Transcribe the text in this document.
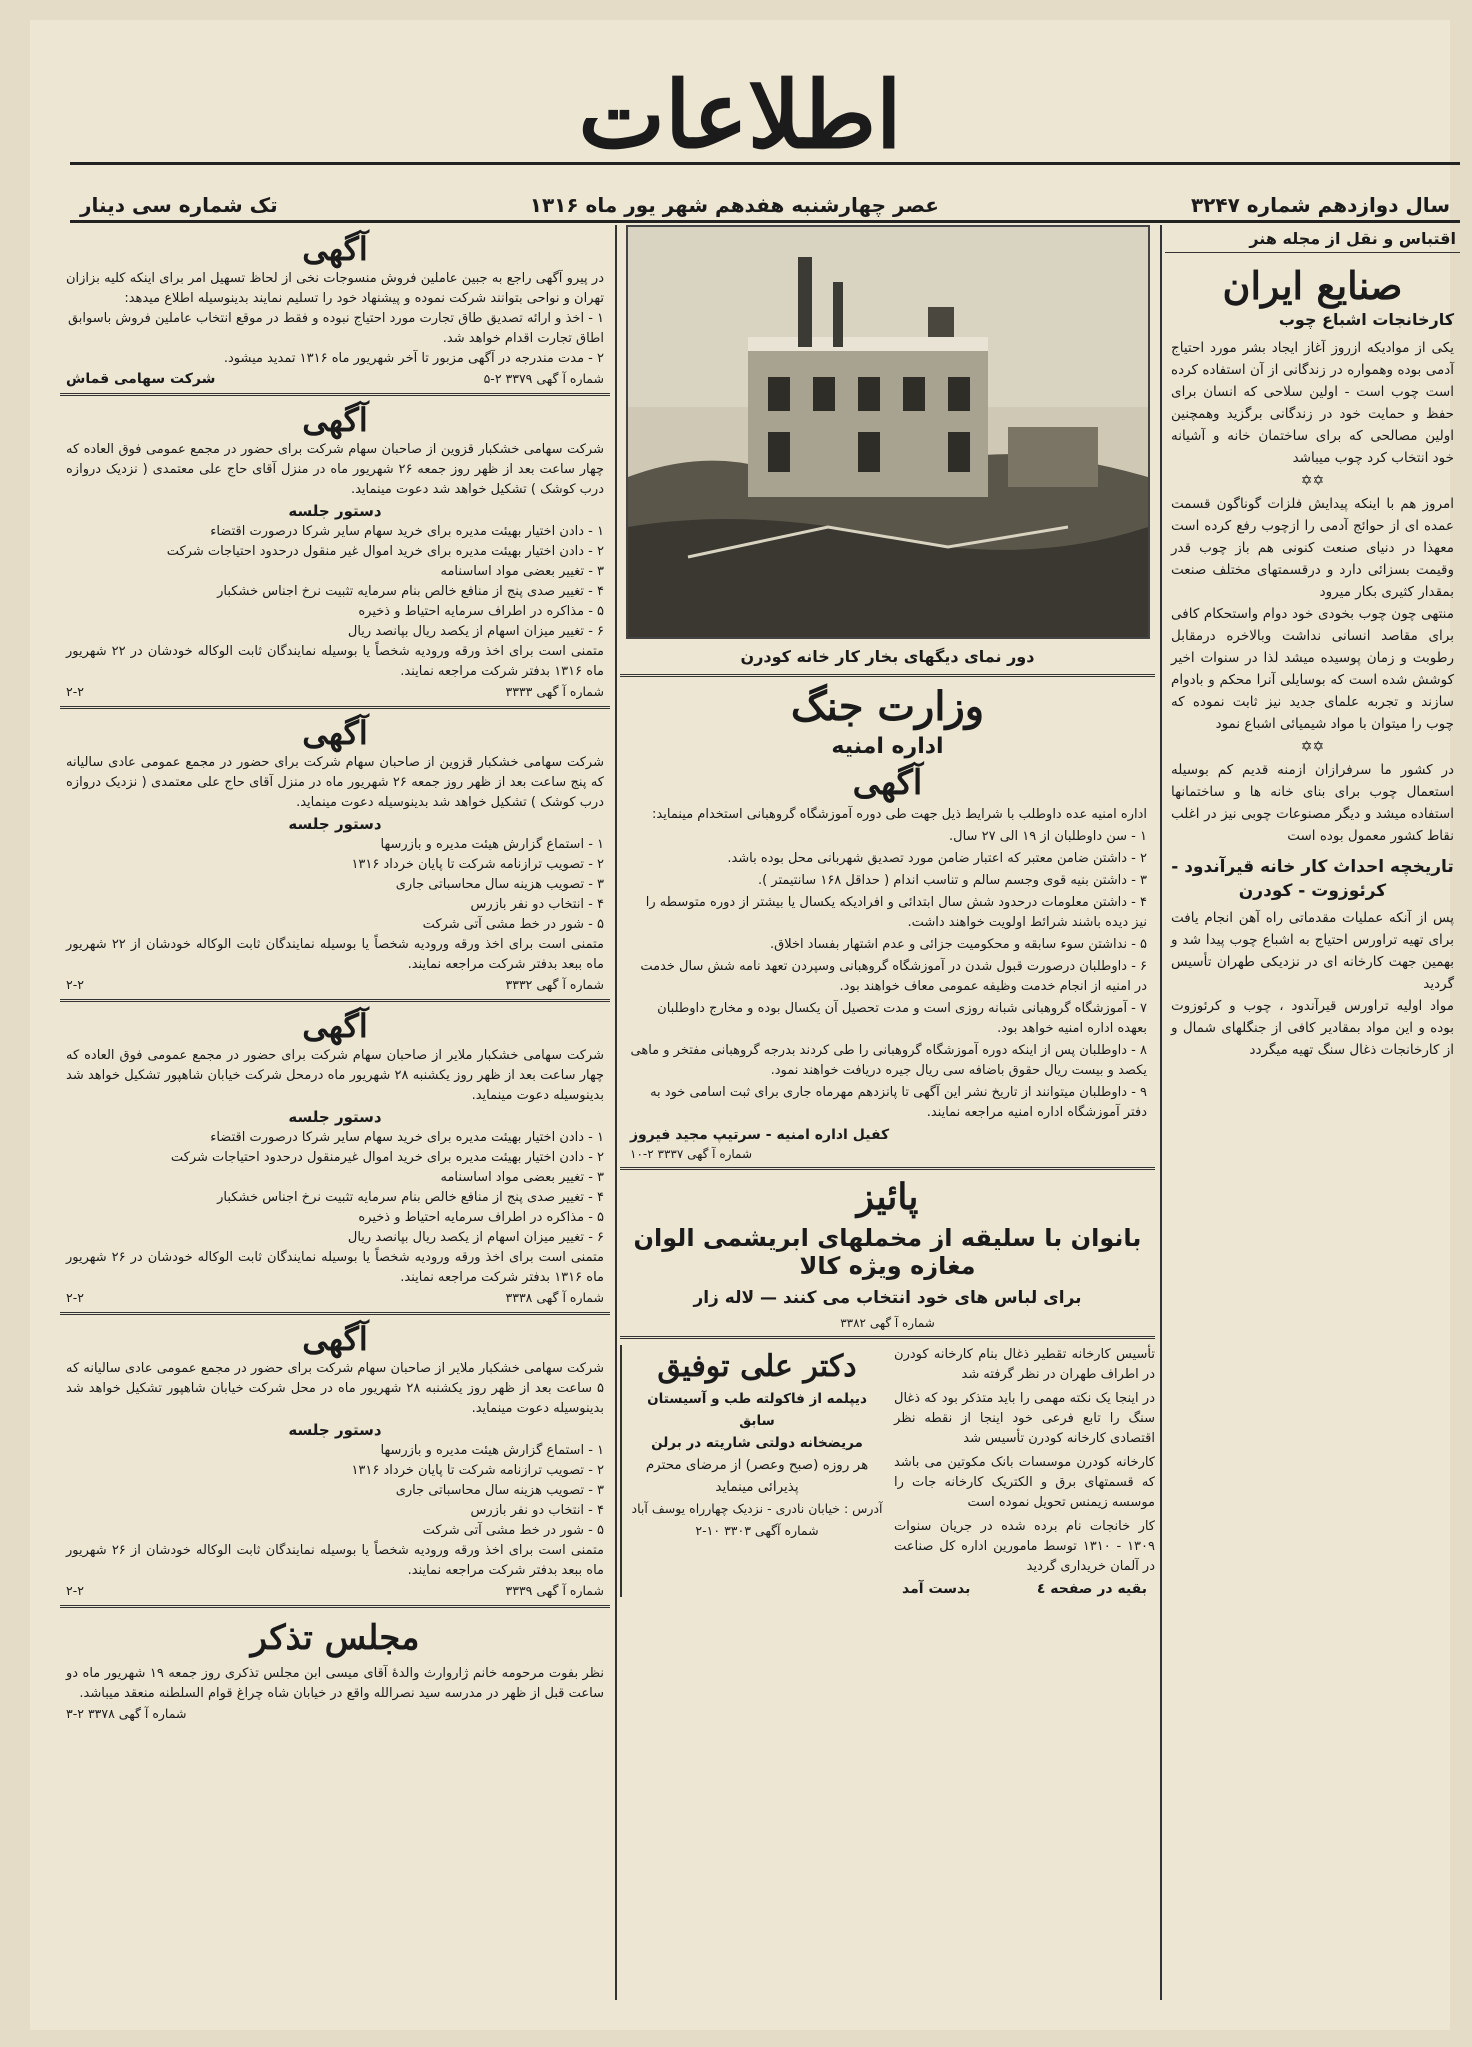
اطلاعات
سال دوازدهم شماره ۳۲۴۷
عصر چهارشنبه هفدهم شهر یور ماه ۱۳۱۶
تک شماره سی دینار
اقتباس و نقل از مجله هنر
صنایع ایران
کارخانجات اشباع چوب

یکی از موادیکه ازروز آغاز ایجاد بشر مورد احتیاج آدمی بوده وهمواره در زندگانی از آن استفاده کرده است چوب است - اولین سلاحی که انسان برای حفظ و حمایت خود در زندگانی برگزید وهمچنین اولین مصالحی که برای ساختمان خانه و آشیانه خود انتخاب کرد چوب میباشد

✡✡

امروز هم با اینکه پیدایش فلزات گوناگون قسمت عمده ای از حوائج آدمی را ازچوب رفع کرده است معهذا در دنیای صنعت کنونی هم باز چوب قدر وقیمت بسزائی دارد و درقسمتهای مختلف صنعت بمقدار کثیری بکار میرود

منتهی چون چوب بخودی خود دوام واستحکام کافی برای مقاصد انسانی نداشت وبالاخره درمقابل رطوبت و زمان پوسیده میشد لذا در سنوات اخیر کوشش شده است که بوسایلی آنرا محکم و بادوام سازند و تجربه علمای جدید نیز ثابت نموده که چوب را میتوان با مواد شیمیائی اشباع نمود

✡✡

در کشور ما سرفرازان ازمنه قدیم کم بوسیله استعمال چوب برای بنای خانه ها و ساختمانها استفاده میشد و دیگر مصنوعات چوبی نیز در اغلب نقاط کشور معمول بوده است

تاریخچه احداث کار خانه قیرآندود - کرئوزوت - کودرن

پس از آنکه عملیات مقدماتی راه آهن انجام یافت برای تهیه تراورس احتیاج به اشباع چوب پیدا شد و بهمین جهت کارخانه ای در نزدیکی طهران تأسیس گردید

مواد اولیه تراورس قیرآندود ، چوب و کرئوزوت بوده و این مواد بمقادیر کافی از جنگلهای شمال و از کارخانجات ذغال سنگ تهیه میگردد

دور نمای دیگهای بخار کار خانه کودرن
وزارت جنگ
اداره امنیه
آگهی

اداره امنیه عده داوطلب با شرایط ذیل جهت طی دوره آموزشگاه گروهبانی استخدام مینماید:

۱ - سن داوطلبان از ۱۹ الی ۲۷ سال.
۲ - داشتن ضامن معتبر که اعتبار ضامن مورد تصدیق شهربانی محل بوده باشد.
۳ - داشتن بنیه قوی وجسم سالم و تناسب اندام ( حداقل ۱۶۸ سانتیمتر ).
۴ - داشتن معلومات درحدود شش سال ابتدائی و افرادیکه یکسال یا بیشتر از دوره متوسطه را نیز دیده باشند شرائط اولویت خواهند داشت.
۵ - نداشتن سوء سابقه و محکومیت جزائی و عدم اشتهار بفساد اخلاق.
۶ - داوطلبان درصورت قبول شدن در آموزشگاه گروهبانی وسپردن تعهد نامه شش سال خدمت در امنیه از انجام خدمت وظیفه عمومی معاف خواهند بود.
۷ - آموزشگاه گروهبانی شبانه روزی است و مدت تحصیل آن یکسال بوده و مخارج داوطلبان بعهده اداره امنیه خواهد بود.
۸ - داوطلبان پس از اینکه دوره آموزشگاه گروهبانی را طی کردند بدرجه گروهبانی مفتخر و ماهی یکصد و بیست ریال حقوق باضافه سی ریال جیره دریافت خواهند نمود.
۹ - داوطلبان میتوانند از تاریخ نشر این آگهی تا پانزدهم مهرماه جاری برای ثبت اسامی خود به دفتر آموزشگاه اداره امنیه مراجعه نمایند.
کفیل اداره امنیه - سرتیپ مجید فیروز
شماره آ گهی ۳۳۳۷ ۲-۱۰
پائیز
بانوان با سلیقه از مخملهای ابریشمی الوان مغازه ویژه کالا
برای لباس های خود انتخاب می کنند — لاله زار
شماره آ گهی ۳۳۸۲

تأسیس کارخانه تقطیر ذغال بنام کارخانه کودرن در اطراف طهران در نظر گرفته شد

در اینجا یک نکته مهمی را باید متذکر بود که ذغال سنگ را تابع فرعی خود اینجا از نقطه نظر اقتصادی کارخانه کودرن تأسیس شد

کارخانه کودرن موسسات بانک مکوتین می باشد که قسمتهای برق و الکتریک کارخانه جات را موسسه زیمنس تحویل نموده است

کار خانجات نام برده شده در جریان سنوات ۱۳۰۹ - ۱۳۱۰ توسط مامورین اداره کل صناعت در آلمان خریداری گردید

بقیه در صفحه ٤
بدست آمد
دکتر علی توفیق
دیپلمه از فاکولته طب و آسیستان سابق
مریضخانه دولتی شاریته در برلن
هر روزه (صبح وعصر) از مرضای محترم
پذیرائی مینماید
آدرس : خیابان نادری - نزدیک چهارراه یوسف آباد شماره آگهی ۳۳۰۳ ۱۰-۲
آگهی
در پیرو آگهی راجع به جبین عاملین فروش منسوجات نخی از لحاظ تسهیل امر برای اینکه کلیه بزازان تهران و نواحی بتوانند شرکت نموده و پیشنهاد خود را تسلیم نمایند بدینوسیله اطلاع میدهد:
۱ - اخذ و ارائه تصدیق طاق تجارت مورد احتیاج نبوده و فقط در موقع انتخاب عاملین فروش باسوابق اطاق تجارت اقدام خواهد شد.
۲ - مدت مندرجه در آگهی مزبور تا آخر شهریور ماه ۱۳۱۶ تمدید میشود.
شماره آ گهی ۳۳۷۹ ۲-۵
شرکت سهامی قماش
آگهی
شرکت سهامی خشکبار قزوین از صاحبان سهام شرکت برای حضور در مجمع عمومی فوق العاده که چهار ساعت بعد از ظهر روز جمعه ۲۶ شهریور ماه در منزل آقای حاج علی معتمدی ( نزدیک دروازه درب کوشک ) تشکیل خواهد شد دعوت مینماید.
دستور جلسه
۱ - دادن اختیار بهیئت مدیره برای خرید سهام سایر شرکا درصورت اقتضاء
۲ - دادن اختیار بهیئت مدیره برای خرید اموال غیر منقول درحدود احتیاجات شرکت
۳ - تغییر بعضی مواد اساسنامه
۴ - تغییر صدی پنج از منافع خالص بنام سرمایه تثبیت نرخ اجناس خشکبار
۵ - مذاکره در اطراف سرمایه احتیاط و ذخیره
۶ - تغییر میزان اسهام از یکصد ریال بپانصد ریال
متمنی است برای اخذ ورقه ورودیه شخصاً یا بوسیله نمایندگان ثابت الوکاله خودشان در ۲۲ شهریور ماه ۱۳۱۶ بدفتر شرکت مراجعه نمایند.
شماره آ گهی ۳۳۳۳
۲-۲
آگهی
شرکت سهامی خشکبار قزوین از صاحبان سهام شرکت برای حضور در مجمع عمومی عادی سالیانه که پنج ساعت بعد از ظهر روز جمعه ۲۶ شهریور ماه در منزل آقای حاج علی معتمدی ( نزدیک دروازه درب کوشک ) تشکیل خواهد شد بدینوسیله دعوت مینماید.
دستور جلسه
۱ - استماع گزارش هیئت مدیره و بازرسها
۲ - تصویب ترازنامه شرکت تا پایان خرداد ۱۳۱۶
۳ - تصویب هزینه سال محاسباتی جاری
۴ - انتخاب دو نفر بازرس
۵ - شور در خط مشی آتی شرکت
متمنی است برای اخذ ورقه ورودیه شخصاً یا بوسیله نمایندگان ثابت الوکاله خودشان از ۲۲ شهریور ماه ببعد بدفتر شرکت مراجعه نمایند.
شماره آ گهی ۳۳۳۲
۲-۲
آگهی
شرکت سهامی خشکبار ملایر از صاحبان سهام شرکت برای حضور در مجمع عمومی فوق العاده که چهار ساعت بعد از ظهر روز یکشنبه ۲۸ شهریور ماه درمحل شرکت خیابان شاهپور تشکیل خواهد شد بدینوسیله دعوت مینماید.
دستور جلسه
۱ - دادن اختیار بهیئت مدیره برای خرید سهام سایر شرکا درصورت اقتضاء
۲ - دادن اختیار بهیئت مدیره برای خرید اموال غیرمنقول درحدود احتیاجات شرکت
۳ - تغییر بعضی مواد اساسنامه
۴ - تغییر صدی پنج از منافع خالص بنام سرمایه تثبیت نرخ اجناس خشکبار
۵ - مذاکره در اطراف سرمایه احتیاط و ذخیره
۶ - تغییر میزان اسهام از یکصد ریال بپانصد ریال
متمنی است برای اخذ ورقه ورودیه شخصاً یا بوسیله نمایندگان ثابت الوکاله خودشان در ۲۶ شهریور ماه ۱۳۱۶ بدفتر شرکت مراجعه نمایند.
شماره آ گهی ۳۳۳۸
۲-۲
آگهی
شرکت سهامی خشکبار ملایر از صاحبان سهام شرکت برای حضور در مجمع عمومی عادی سالیانه که ۵ ساعت بعد از ظهر روز یکشنبه ۲۸ شهریور ماه در محل شرکت خیابان شاهپور تشکیل خواهد شد بدینوسیله دعوت مینماید.
دستور جلسه
۱ - استماع گزارش هیئت مدیره و بازرسها
۲ - تصویب ترازنامه شرکت تا پایان خرداد ۱۳۱۶
۳ - تصویب هزینه سال محاسباتی جاری
۴ - انتخاب دو نفر بازرس
۵ - شور در خط مشی آتی شرکت
متمنی است برای اخذ ورقه ورودیه شخصاً یا بوسیله نمایندگان ثابت الوکاله خودشان از ۲۶ شهریور ماه ببعد بدفتر شرکت مراجعه نمایند.
شماره آ گهی ۳۳۳۹
۲-۲
مجلس تذکر
نظر بفوت مرحومه خانم ژاروارث والدهٔ آقای میسی ابن مجلس تذکری روز جمعه ۱۹ شهریور ماه دو ساعت قبل از ظهر در مدرسه سید نصرالله واقع در خیابان شاه چراغ قوام السلطنه منعقد میباشد.
شماره آ گهی ۳۳۷۸ ۲-۳
